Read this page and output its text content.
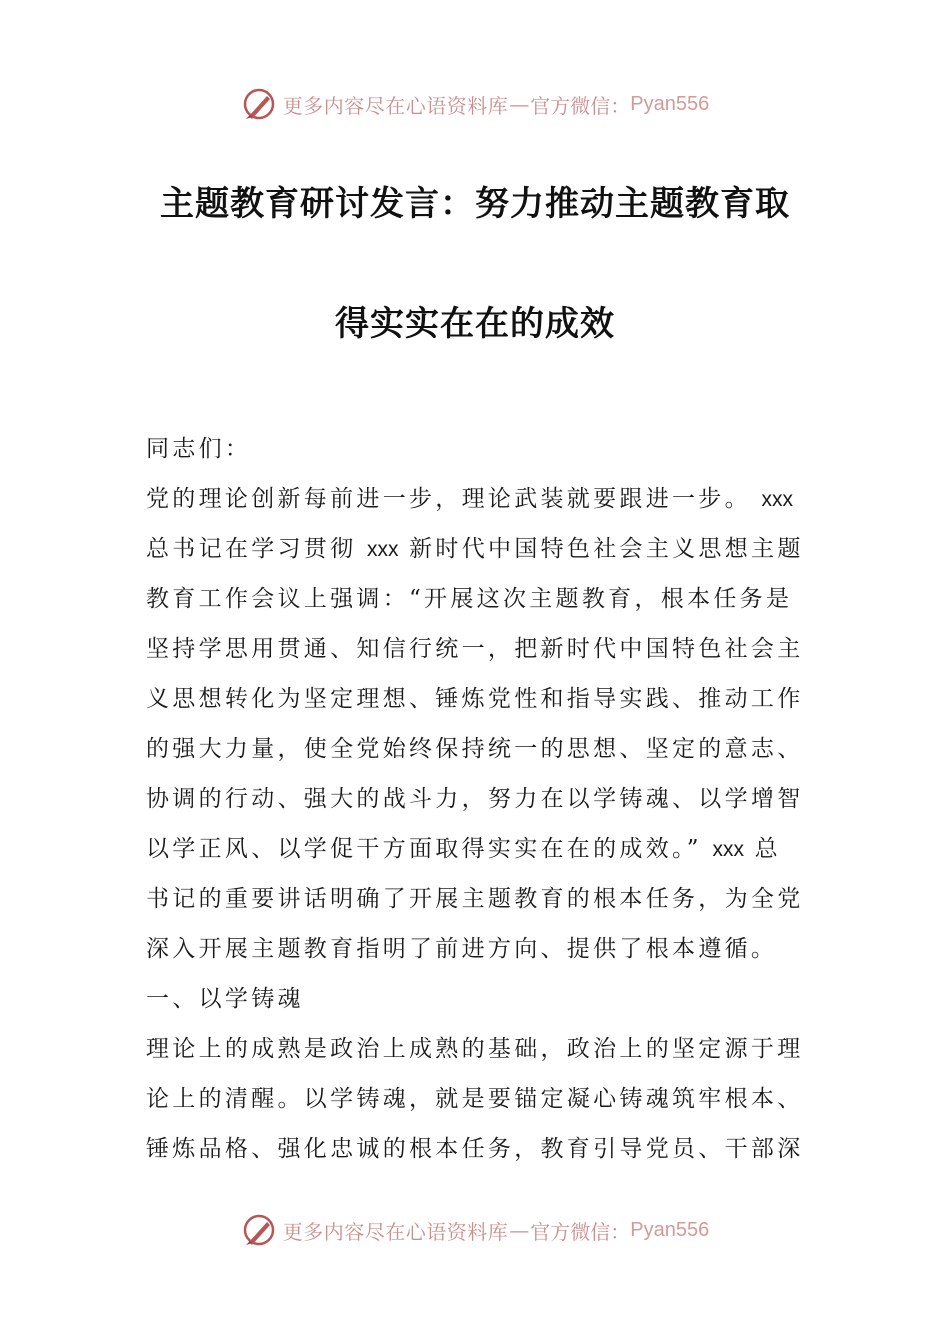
更多内容尽在心语资料库 — 官方微信： Pyan556
主题教育研讨发言：努力推动主题教育取
得实实在在的成效
同志们：
党的理论创新每前进一步，理论武装就要跟进一步。 xxx
总书记在学习贯彻 xxx 新时代中国特色社会主义思想主题
教育工作会议上强调：“开展这次主题教育，根本任务是
坚持学思用贯通、知信行统一，把新时代中国特色社会主
义思想转化为坚定理想、锤炼党性和指导实践、推动工作
的强大力量，使全党始终保持统一的思想、坚定的意志、
协调的行动、强大的战斗力，努力在以学铸魂、以学增智
以学正风、以学促干方面取得实实在在的成效。” xxx 总
书记的重要讲话明确了开展主题教育的根本任务，为全党
深入开展主题教育指明了前进方向、提供了根本遵循。
一、以学铸魂
理论上的成熟是政治上成熟的基础，政治上的坚定源于理
论上的清醒。以学铸魂，就是要锚定凝心铸魂筑牢根本、
锤炼品格、强化忠诚的根本任务，教育引导党员、干部深
更多内容尽在心语资料库 — 官方微信： Pyan556
